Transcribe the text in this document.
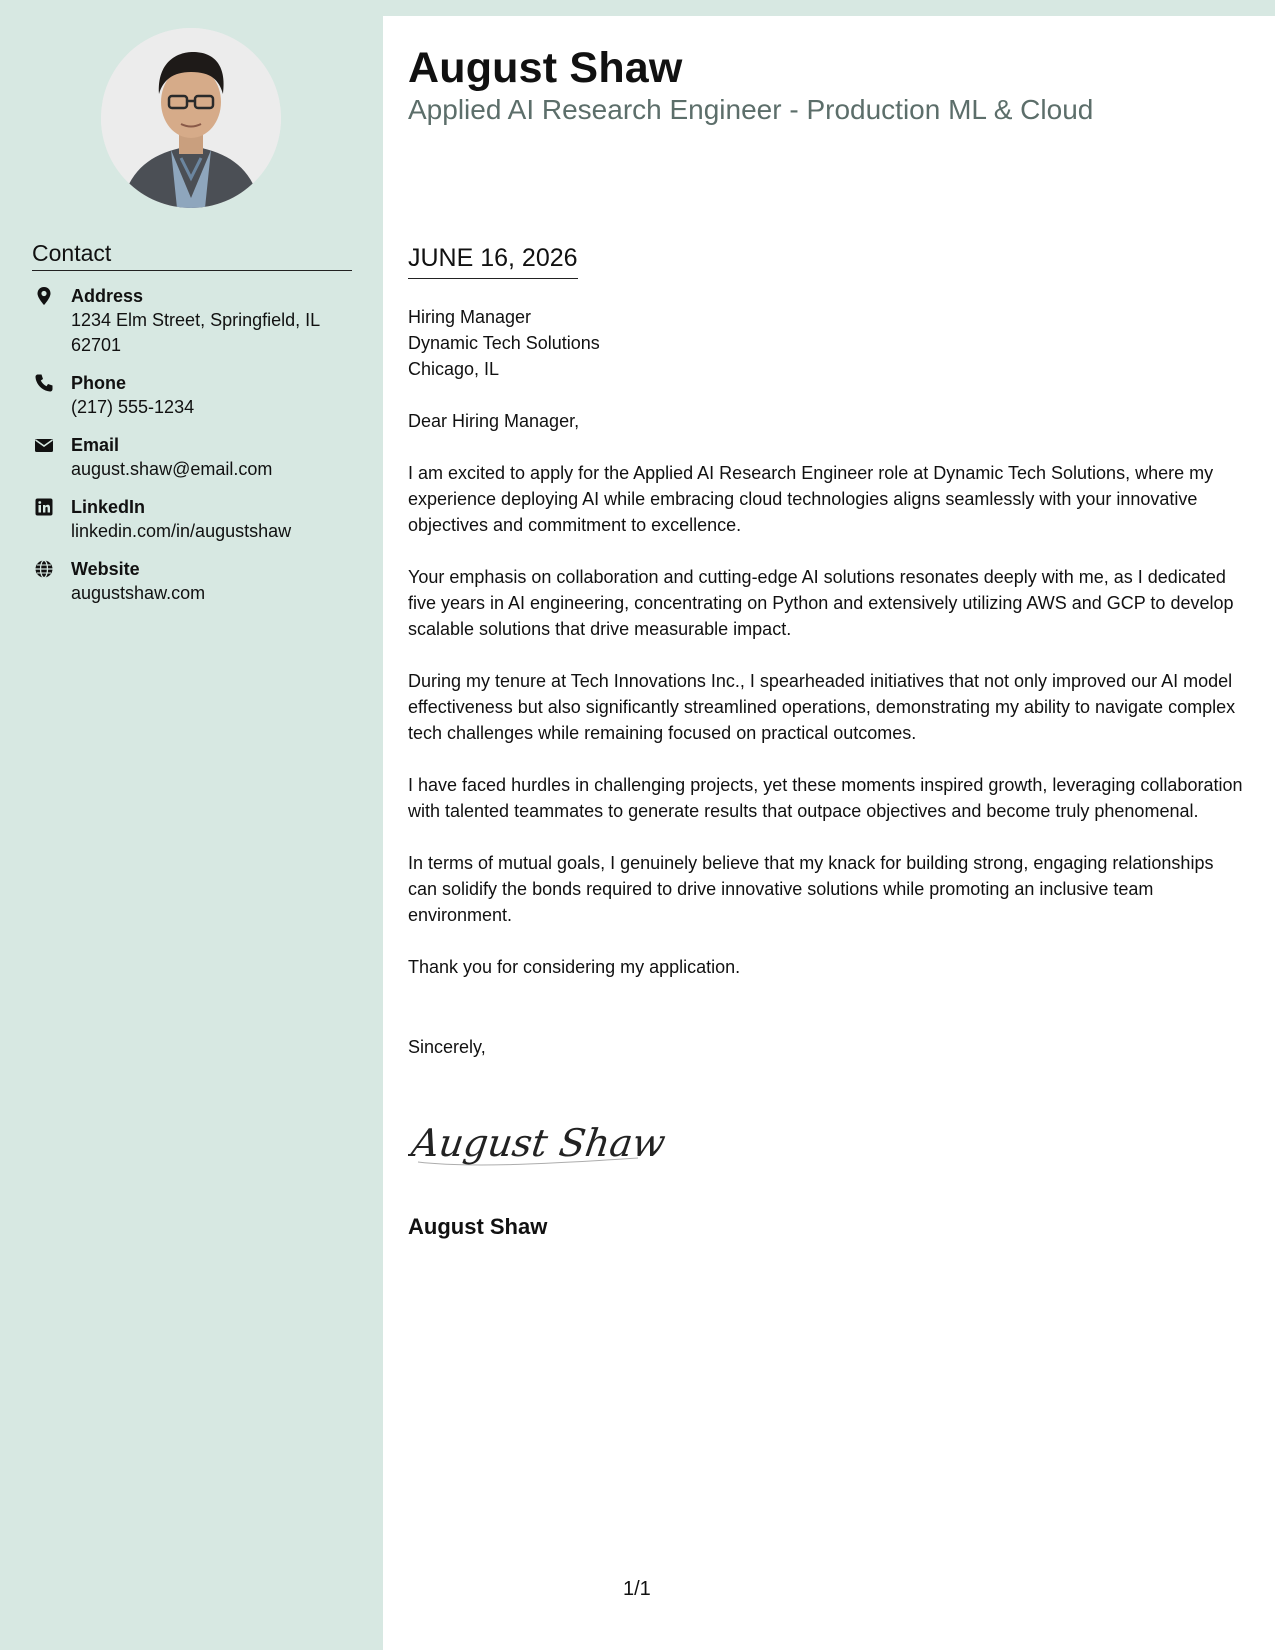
Contact
Address
1234 Elm Street, Springfield, IL 62701
Phone
(217) 555-1234
Email
august.shaw@email.com
LinkedIn
linkedin.com/in/augustshaw
Website
augustshaw.com
August Shaw
Applied AI Research Engineer - Production ML & Cloud
JUNE 16, 2026
Hiring Manager
Dynamic Tech Solutions
Chicago, IL

Dear Hiring Manager,

I am excited to apply for the Applied AI Research Engineer role at Dynamic Tech Solutions, where my experience deploying AI while embracing cloud technologies aligns seamlessly with your innovative objectives and commitment to excellence.

Your emphasis on collaboration and cutting-edge AI solutions resonates deeply with me, as I dedicated five years in AI engineering, concentrating on Python and extensively utilizing AWS and GCP to develop scalable solutions that drive measurable impact.

During my tenure at Tech Innovations Inc., I spearheaded initiatives that not only improved our AI model effectiveness but also significantly streamlined operations, demonstrating my ability to navigate complex tech challenges while remaining focused on practical outcomes.

I have faced hurdles in challenging projects, yet these moments inspired growth, leveraging collaboration with talented teammates to generate results that outpace objectives and become truly phenomenal.

In terms of mutual goals, I genuinely believe that my knack for building strong, engaging relationships can solidify the bonds required to drive innovative solutions while promoting an inclusive team environment.

Thank you for considering my application.

Sincerely,

August Shaw
August Shaw
1/1
